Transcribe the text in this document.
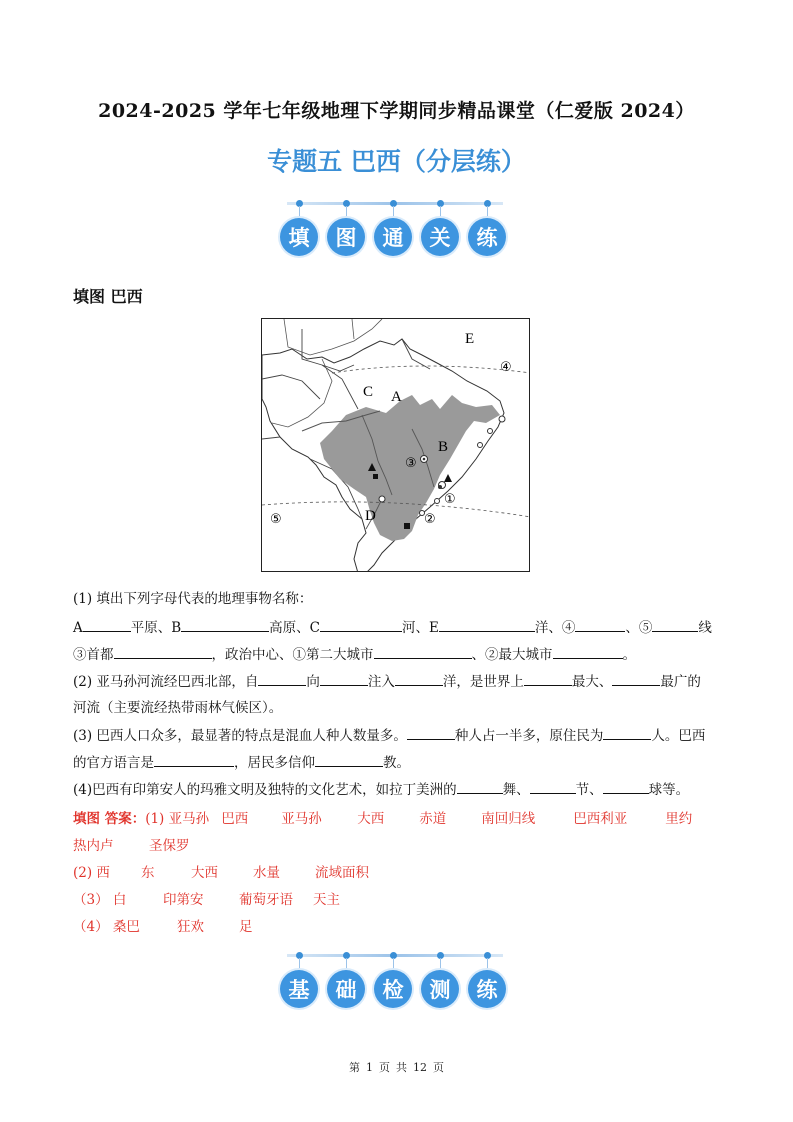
2024-2025 学年七年级地理下学期同步精品课堂（仁爱版 2024）
专题五 巴西（分层练）
填	图	通	关	练
填图 巴西
A
B
C
D
E
①
②
③
④
⑤
(1) 填出下列字母代表的地理事物名称：
A	平原、B	高原、C	河、E	洋、④	、⑤	线
③首都	，政治中心、①第二大城市	、②最大城市	。
(2) 亚马孙河流经巴西北部，自	向	注入	洋，是世界上	最大、	最广的
河流（主要流经热带雨林气候区）。
(3) 巴西人口众多，最显著的特点是混血人种人数量多。	种人占一半多，原住民为	人。巴西
的官方语言是	，居民多信仰	教。
(4)巴西有印第安人的玛雅文明及独特的文化艺术，如拉丁美洲的	舞、	节、	球等。
填图 答案：(1) 亚马孙 巴西 亚马孙	大西	赤道	南回归线	巴西利亚	里约
热内卢	圣保罗
(2) 西 东	大西	水量	流域面积
（3） 白	印第安	葡萄牙语 天主
（4） 桑巴	狂欢	足
基	础	检	测	练
第 1 页 共 12 页
